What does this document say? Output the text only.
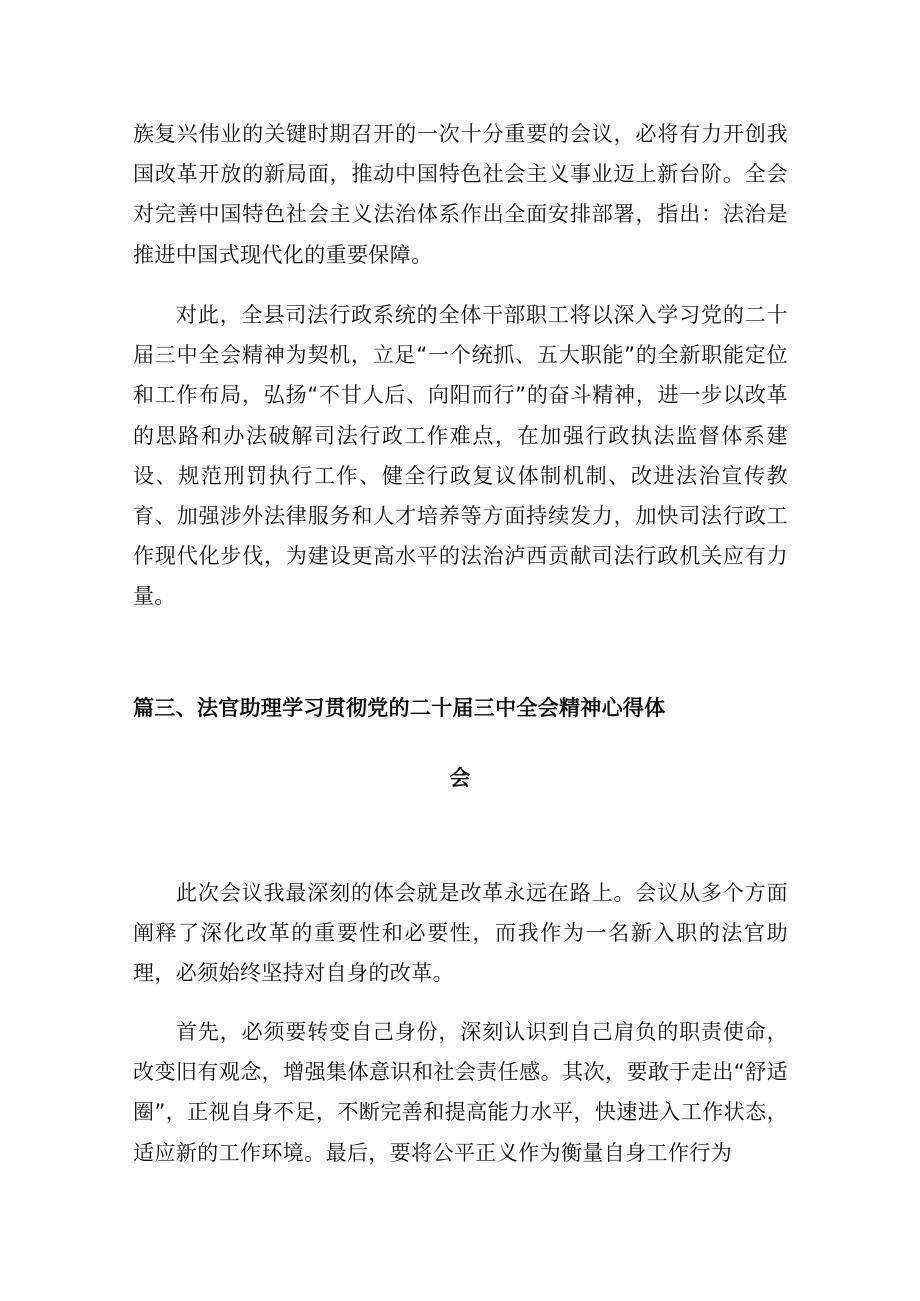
族复兴伟业的关键时期召开的一次十分重要的会议，必将有力开创我国改革开放的新局面，推动中国特色社会主义事业迈上新台阶。全会对完善中国特色社会主义法治体系作出全面安排部署，指出：法治是推进中国式现代化的重要保障。

对此，全县司法行政系统的全体干部职工将以深入学习党的二十届三中全会精神为契机，立足“一个统抓、五大职能”的全新职能定位和工作布局，弘扬“不甘人后、向阳而行”的奋斗精神，进一步以改革的思路和办法破解司法行政工作难点，在加强行政执法监督体系建设、规范刑罚执行工作、健全行政复议体制机制、改进法治宣传教育、加强涉外法律服务和人才培养等方面持续发力，加快司法行政工作现代化步伐，为建设更高水平的法治泸西贡献司法行政机关应有力量。

篇三、法官助理学习贯彻党的二十届三中全会精神心得体
会

此次会议我最深刻的体会就是改革永远在路上。会议从多个方面阐释了深化改革的重要性和必要性，而我作为一名新入职的法官助理，必须始终坚持对自身的改革。

首先，必须要转变自己身份，深刻认识到自己肩负的职责使命，改变旧有观念，增强集体意识和社会责任感。其次，要敢于走出“舒适圈”，正视自身不足，不断完善和提高能力水平，快速进入工作状态，适应新的工作环境。最后，要将公平正义作为衡量自身工作行为
